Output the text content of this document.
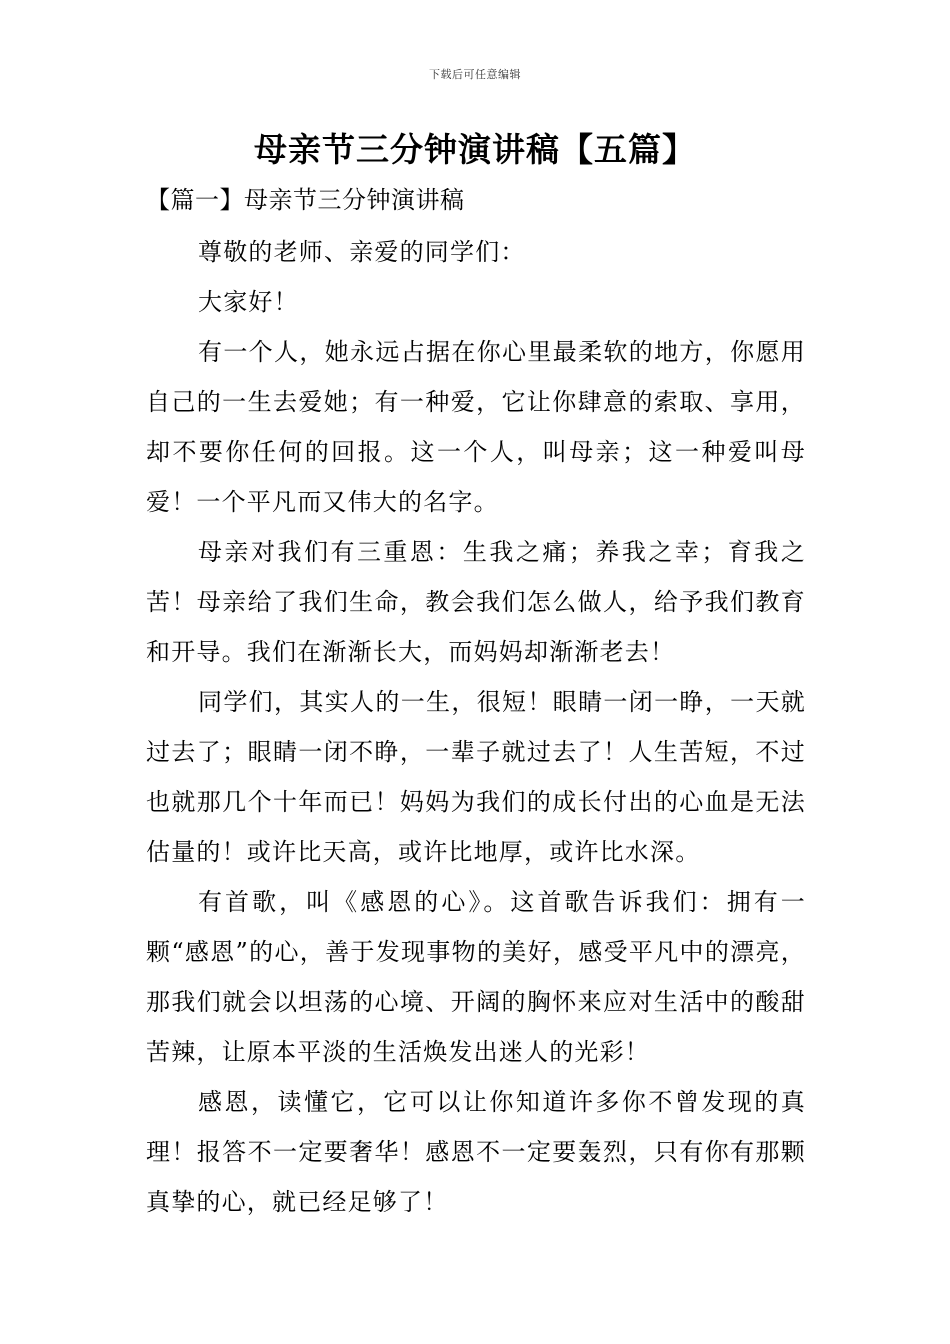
下载后可任意编辑
母亲节三分钟演讲稿【五篇】
【篇一】母亲节三分钟演讲稿

尊敬的老师、亲爱的同学们：

大家好！

有一个人，她永远占据在你心里最柔软的地方，你愿用自己的一生去爱她；有一种爱，它让你肆意的索取、享用，却不要你任何的回报。这一个人，叫母亲；这一种爱叫母爱！一个平凡而又伟大的名字。

母亲对我们有三重恩：生我之痛；养我之幸；育我之苦！母亲给了我们生命，教会我们怎么做人，给予我们教育和开导。我们在渐渐长大，而妈妈却渐渐老去！

同学们，其实人的一生，很短！眼睛一闭一睁，一天就过去了；眼睛一闭不睁，一辈子就过去了！人生苦短，不过也就那几个十年而已！妈妈为我们的成长付出的心血是无法估量的！或许比天高，或许比地厚，或许比水深。

有首歌，叫《感恩的心》。这首歌告诉我们：拥有一颗“感恩”的心，善于发现事物的美好，感受平凡中的漂亮，那我们就会以坦荡的心境、开阔的胸怀来应对生活中的酸甜苦辣，让原本平淡的生活焕发出迷人的光彩！

感恩，读懂它，它可以让你知道许多你不曾发现的真理！报答不一定要奢华！感恩不一定要轰烈，只有你有那颗真挚的心，就已经足够了！
